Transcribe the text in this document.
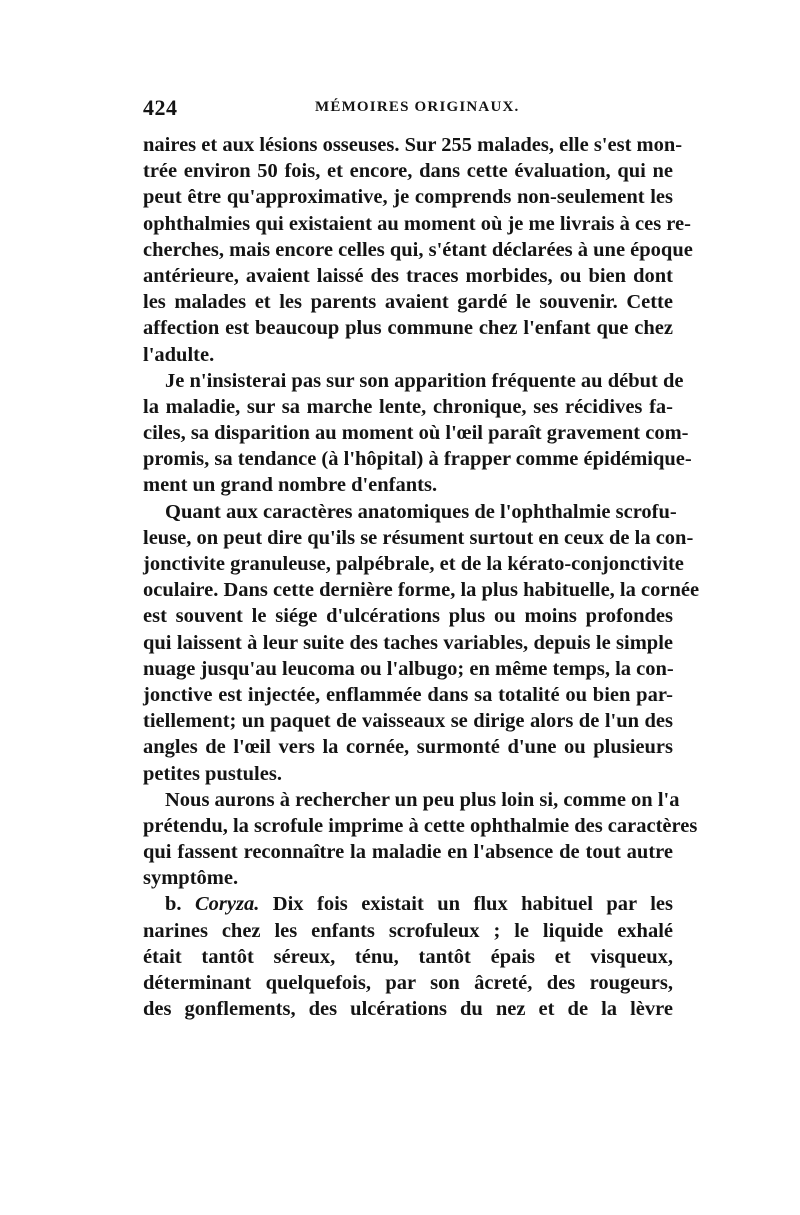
424	MÉMOIRES ORIGINAUX.
naires et aux lésions osseuses. Sur 255 malades, elle s'est mon-
trée environ 50 fois, et encore, dans cette évaluation, qui ne
peut être qu'approximative, je comprends non-seulement les
ophthalmies qui existaient au moment où je me livrais à ces re-
cherches, mais encore celles qui, s'étant déclarées à une époque
antérieure, avaient laissé des traces morbides, ou bien dont
les malades et les parents avaient gardé le souvenir. Cette
affection est beaucoup plus commune chez l'enfant que chez
l'adulte.
Je n'insisterai pas sur son apparition fréquente au début de
la maladie, sur sa marche lente, chronique, ses récidives fa-
ciles, sa disparition au moment où l'œil paraît gravement com-
promis, sa tendance (à l'hôpital) à frapper comme épidémique-
ment un grand nombre d'enfants.
Quant aux caractères anatomiques de l'ophthalmie scrofu-
leuse, on peut dire qu'ils se résument surtout en ceux de la con-
jonctivite granuleuse, palpébrale, et de la kérato-conjonctivite
oculaire. Dans cette dernière forme, la plus habituelle, la cornée
est souvent le siége d'ulcérations plus ou moins profondes
qui laissent à leur suite des taches variables, depuis le simple
nuage jusqu'au leucoma ou l'albugo; en même temps, la con-
jonctive est injectée, enflammée dans sa totalité ou bien par-
tiellement; un paquet de vaisseaux se dirige alors de l'un des
angles de l'œil vers la cornée, surmonté d'une ou plusieurs
petites pustules.
Nous aurons à rechercher un peu plus loin si, comme on l'a
prétendu, la scrofule imprime à cette ophthalmie des caractères
qui fassent reconnaître la maladie en l'absence de tout autre
symptôme.
b. Coryza. Dix fois existait un flux habituel par les
narines chez les enfants scrofuleux ; le liquide exhalé
était tantôt séreux, ténu, tantôt épais et visqueux,
déterminant quelquefois, par son âcreté, des rougeurs,
des gonflements, des ulcérations du nez et de la lèvre
